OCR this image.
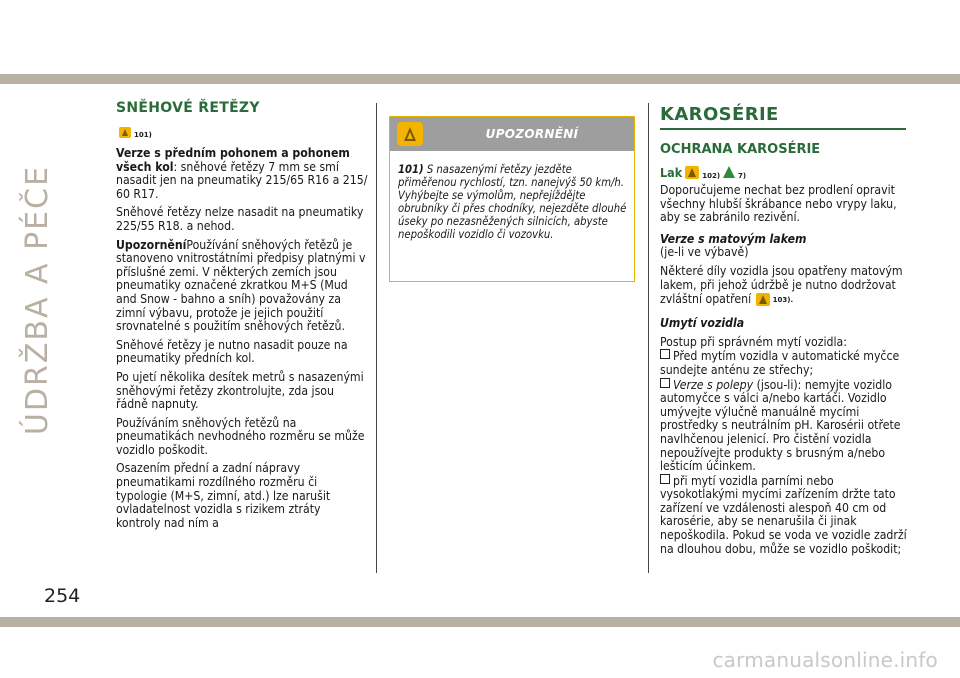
ÚDRŽBA A PÉČE
SNĚHOVÉ ŘETĚZY
101)

Verze s předním pohonem a pohonem všech kol: sněhové řetězy 7 mm se smí nasadit jen na pneumatiky 215/65 R16 a 215/ 60 R17.

Sněhové řetězy nelze nasadit na pneumatiky 225/55 R18. a nehod.

UpozorněníPoužívání sněhových řetězů je stanoveno vnitrostátními předpisy platnými v příslušné zemi. V některých zemích jsou pneumatiky označené zkratkou M+S (Mud and Snow - bahno a sníh) považovány za zimní výbavu, protože je jejich použití srovnatelné s použitím sněhových řetězů.

Sněhové řetězy je nutno nasadit pouze na pneumatiky předních kol.

Po ujetí několika desítek metrů s nasazenými sněhovými řetězy zkontrolujte, zda jsou řádně napnuty.

Používáním sněhových řetězů na pneumatikách nevhodného rozměru se může vozidlo poškodit.

Osazením přední a zadní nápravy pneumatikami rozdílného rozměru či typologie (M+S, zimní, atd.) lze narušit ovladatelnost vozidla s rizikem ztráty kontroly nad ním a

UPOZORNĚNÍ
101) S nasazenými řetězy jezděte přiměřenou rychlostí, tzn. nanejvýš 50 km/h. Vyhýbejte se výmolům, nepřejíždějte obrubníky či přes chodníky, nejezděte dlouhé úseky po nezasněžených silnicích, abyste nepoškodili vozidlo či vozovku.
KAROSÉRIE
OCHRANA KAROSÉRIE
Lak	102)	7)

Doporučujeme nechat bez prodlení opravit všechny hlubší škrábance nebo vrypy laku, aby se zabránilo rezivění.

Verze s matovým lakem

(je-li ve výbavě)

Některé díly vozidla jsou opatřeny matovým lakem, při jehož údržbě je nutno dodržovat zvláštní opatření	103).

Umytí vozidla

Postup při správném mytí vozidla:

Před mytím vozidla v automatické myčce sundejte anténu ze střechy;

Verze s polepy (jsou-li): nemyjte vozidlo automyčce s válci a/nebo kartáči. Vozidlo umývejte výlučně manuálně mycími prostředky s neutrálním pH. Karosérii otřete navlhčenou jelenicí. Pro čistění vozidla nepoužívejte produkty s brusným a/nebo lešticím účinkem.

při mytí vozidla parními nebo vysokotlakými mycími zařízením držte tato zařízení ve vzdálenosti alespoň 40 cm od karosérie, aby se nenarušila či jinak nepoškodila. Pokud se voda ve vozidle zadrží na dlouhou dobu, může se vozidlo poškodit;

254
carmanualsonline.info
